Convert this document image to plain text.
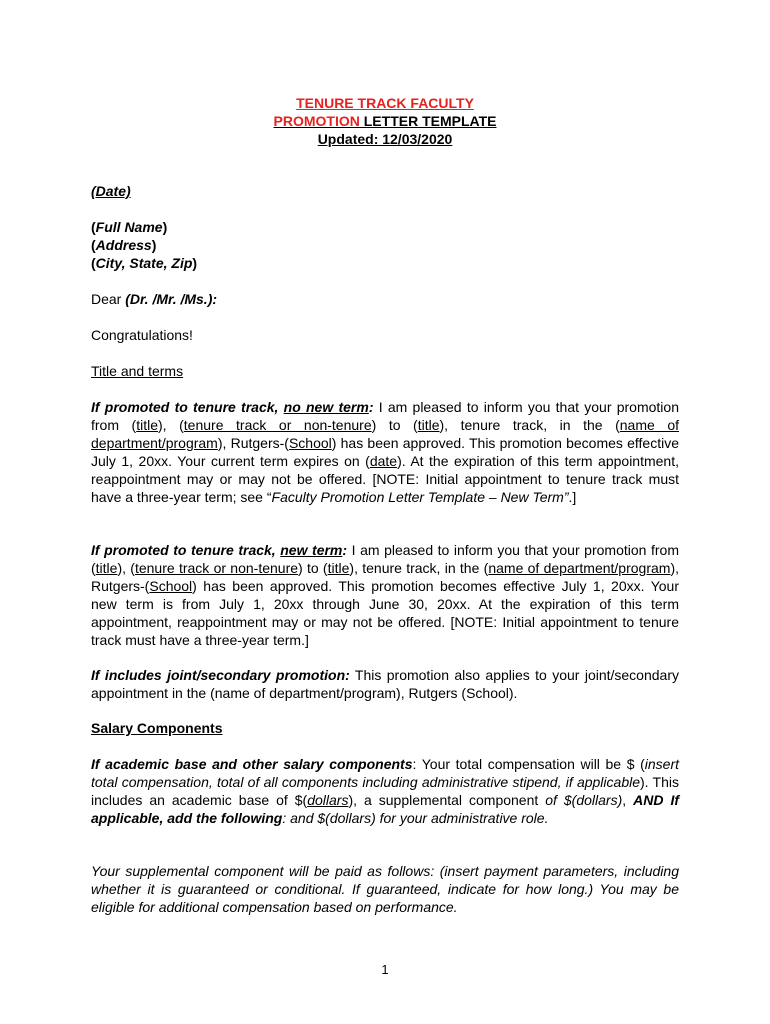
TENURE TRACK FACULTY
PROMOTION LETTER TEMPLATE
Updated: 12/03/2020
(Date)
(Full Name)
(Address)
(City, State, Zip)
Dear (Dr. /Mr. /Ms.):
Congratulations!
Title and terms
If promoted to tenure track, no new term: I am pleased to inform you that your promotion from (title), (tenure track or non-tenure) to (title), tenure track, in the (name of department/program), Rutgers-(School) has been approved. This promotion becomes effective July 1, 20xx. Your current term expires on (date). At the expiration of this term appointment, reappointment may or may not be offered. [NOTE: Initial appointment to tenure track must have a three-year term; see “Faculty Promotion Letter Template – New Term”.]
If promoted to tenure track, new term: I am pleased to inform you that your promotion from (title), (tenure track or non-tenure) to (title), tenure track, in the (name of department/program), Rutgers-(School) has been approved. This promotion becomes effective July 1, 20xx. Your new term is from July 1, 20xx through June 30, 20xx. At the expiration of this term appointment, reappointment may or may not be offered. [NOTE: Initial appointment to tenure track must have a three-year term.]
If includes joint/secondary promotion: This promotion also applies to your joint/secondary appointment in the (name of department/program), Rutgers (School).
Salary Components
If academic base and other salary components: Your total compensation will be $ (insert total compensation, total of all components including administrative stipend, if applicable). This includes an academic base of $(dollars), a supplemental component of $(dollars), AND If applicable, add the following: and $(dollars) for your administrative role.
Your supplemental component will be paid as follows: (insert payment parameters, including whether it is guaranteed or conditional. If guaranteed, indicate for how long.) You may be eligible for additional compensation based on performance.
1
